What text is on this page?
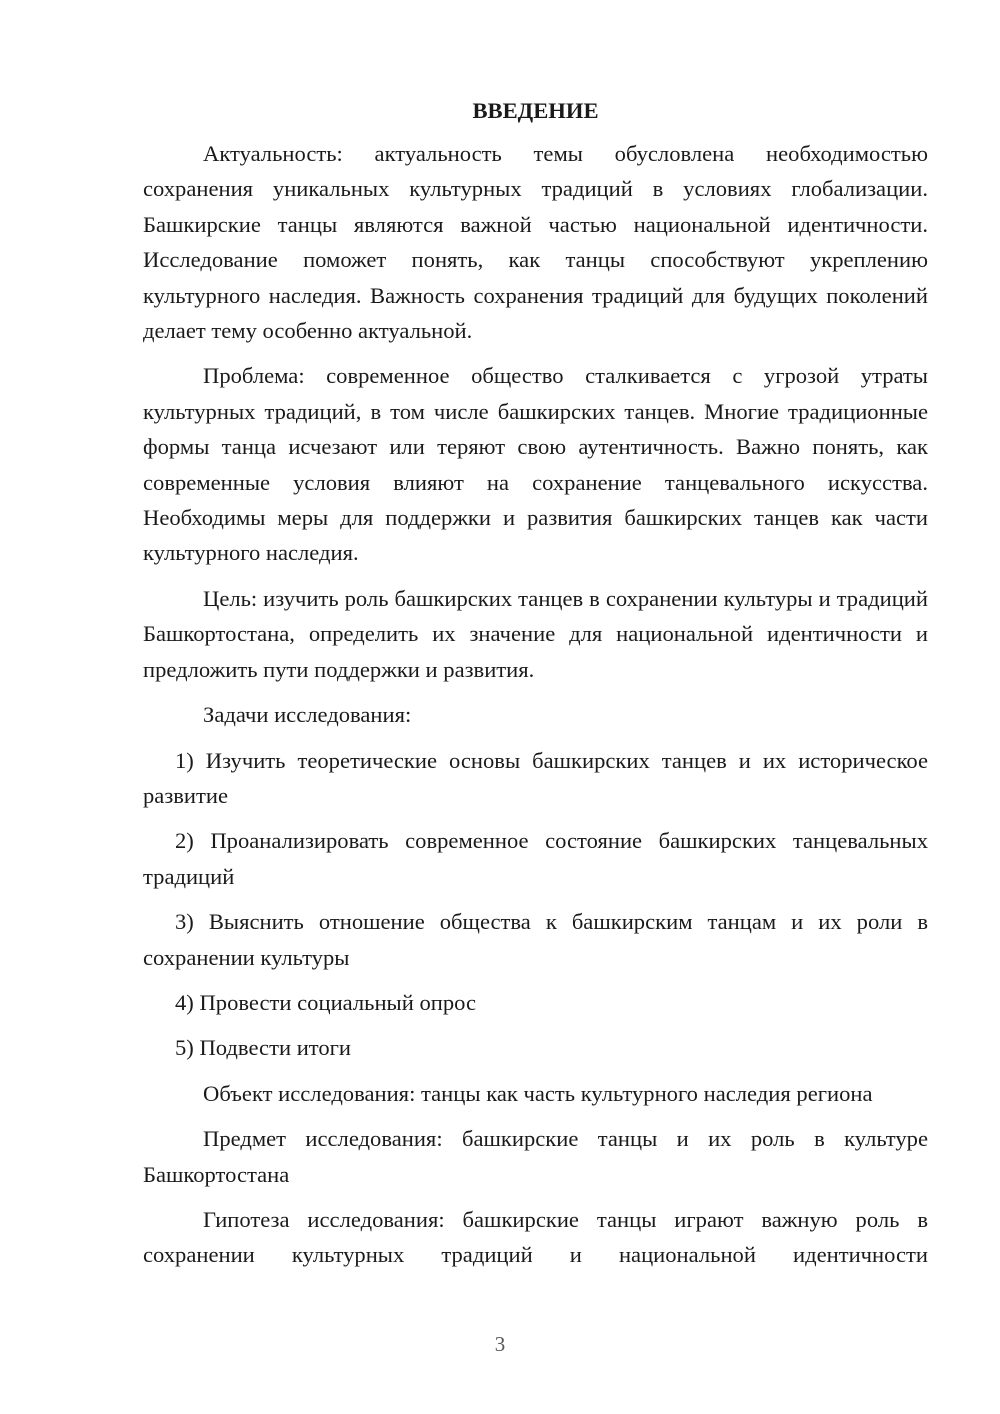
ВВЕДЕНИЕ

Актуальность: актуальность темы обусловлена необходимостью сохранения уникальных культурных традиций в условиях глобализации. Башкирские танцы являются важной частью национальной идентичности. Исследование поможет понять, как танцы способствуют укреплению культурного наследия. Важность сохранения традиций для будущих поколений делает тему особенно актуальной.

Проблема: современное общество сталкивается с угрозой утраты культурных традиций, в том числе башкирских танцев. Многие традиционные формы танца исчезают или теряют свою аутентичность. Важно понять, как современные условия влияют на сохранение танцевального искусства. Необходимы меры для поддержки и развития башкирских танцев как части культурного наследия.

Цель: изучить роль башкирских танцев в сохранении культуры и традиций Башкортостана, определить их значение для национальной идентичности и предложить пути поддержки и развития.

Задачи исследования:

1) Изучить теоретические основы башкирских танцев и их историческое развитие

2) Проанализировать современное состояние башкирских танцевальных традиций

3) Выяснить отношение общества к башкирским танцам и их роли в сохранении культуры

4) Провести социальный опрос

5) Подвести итоги

Объект исследования: танцы как часть культурного наследия региона

Предмет исследования: башкирские танцы и их роль в культуре Башкортостана

Гипотеза исследования: башкирские танцы играют важную роль в сохранении культурных традиций и национальной идентичности

3
